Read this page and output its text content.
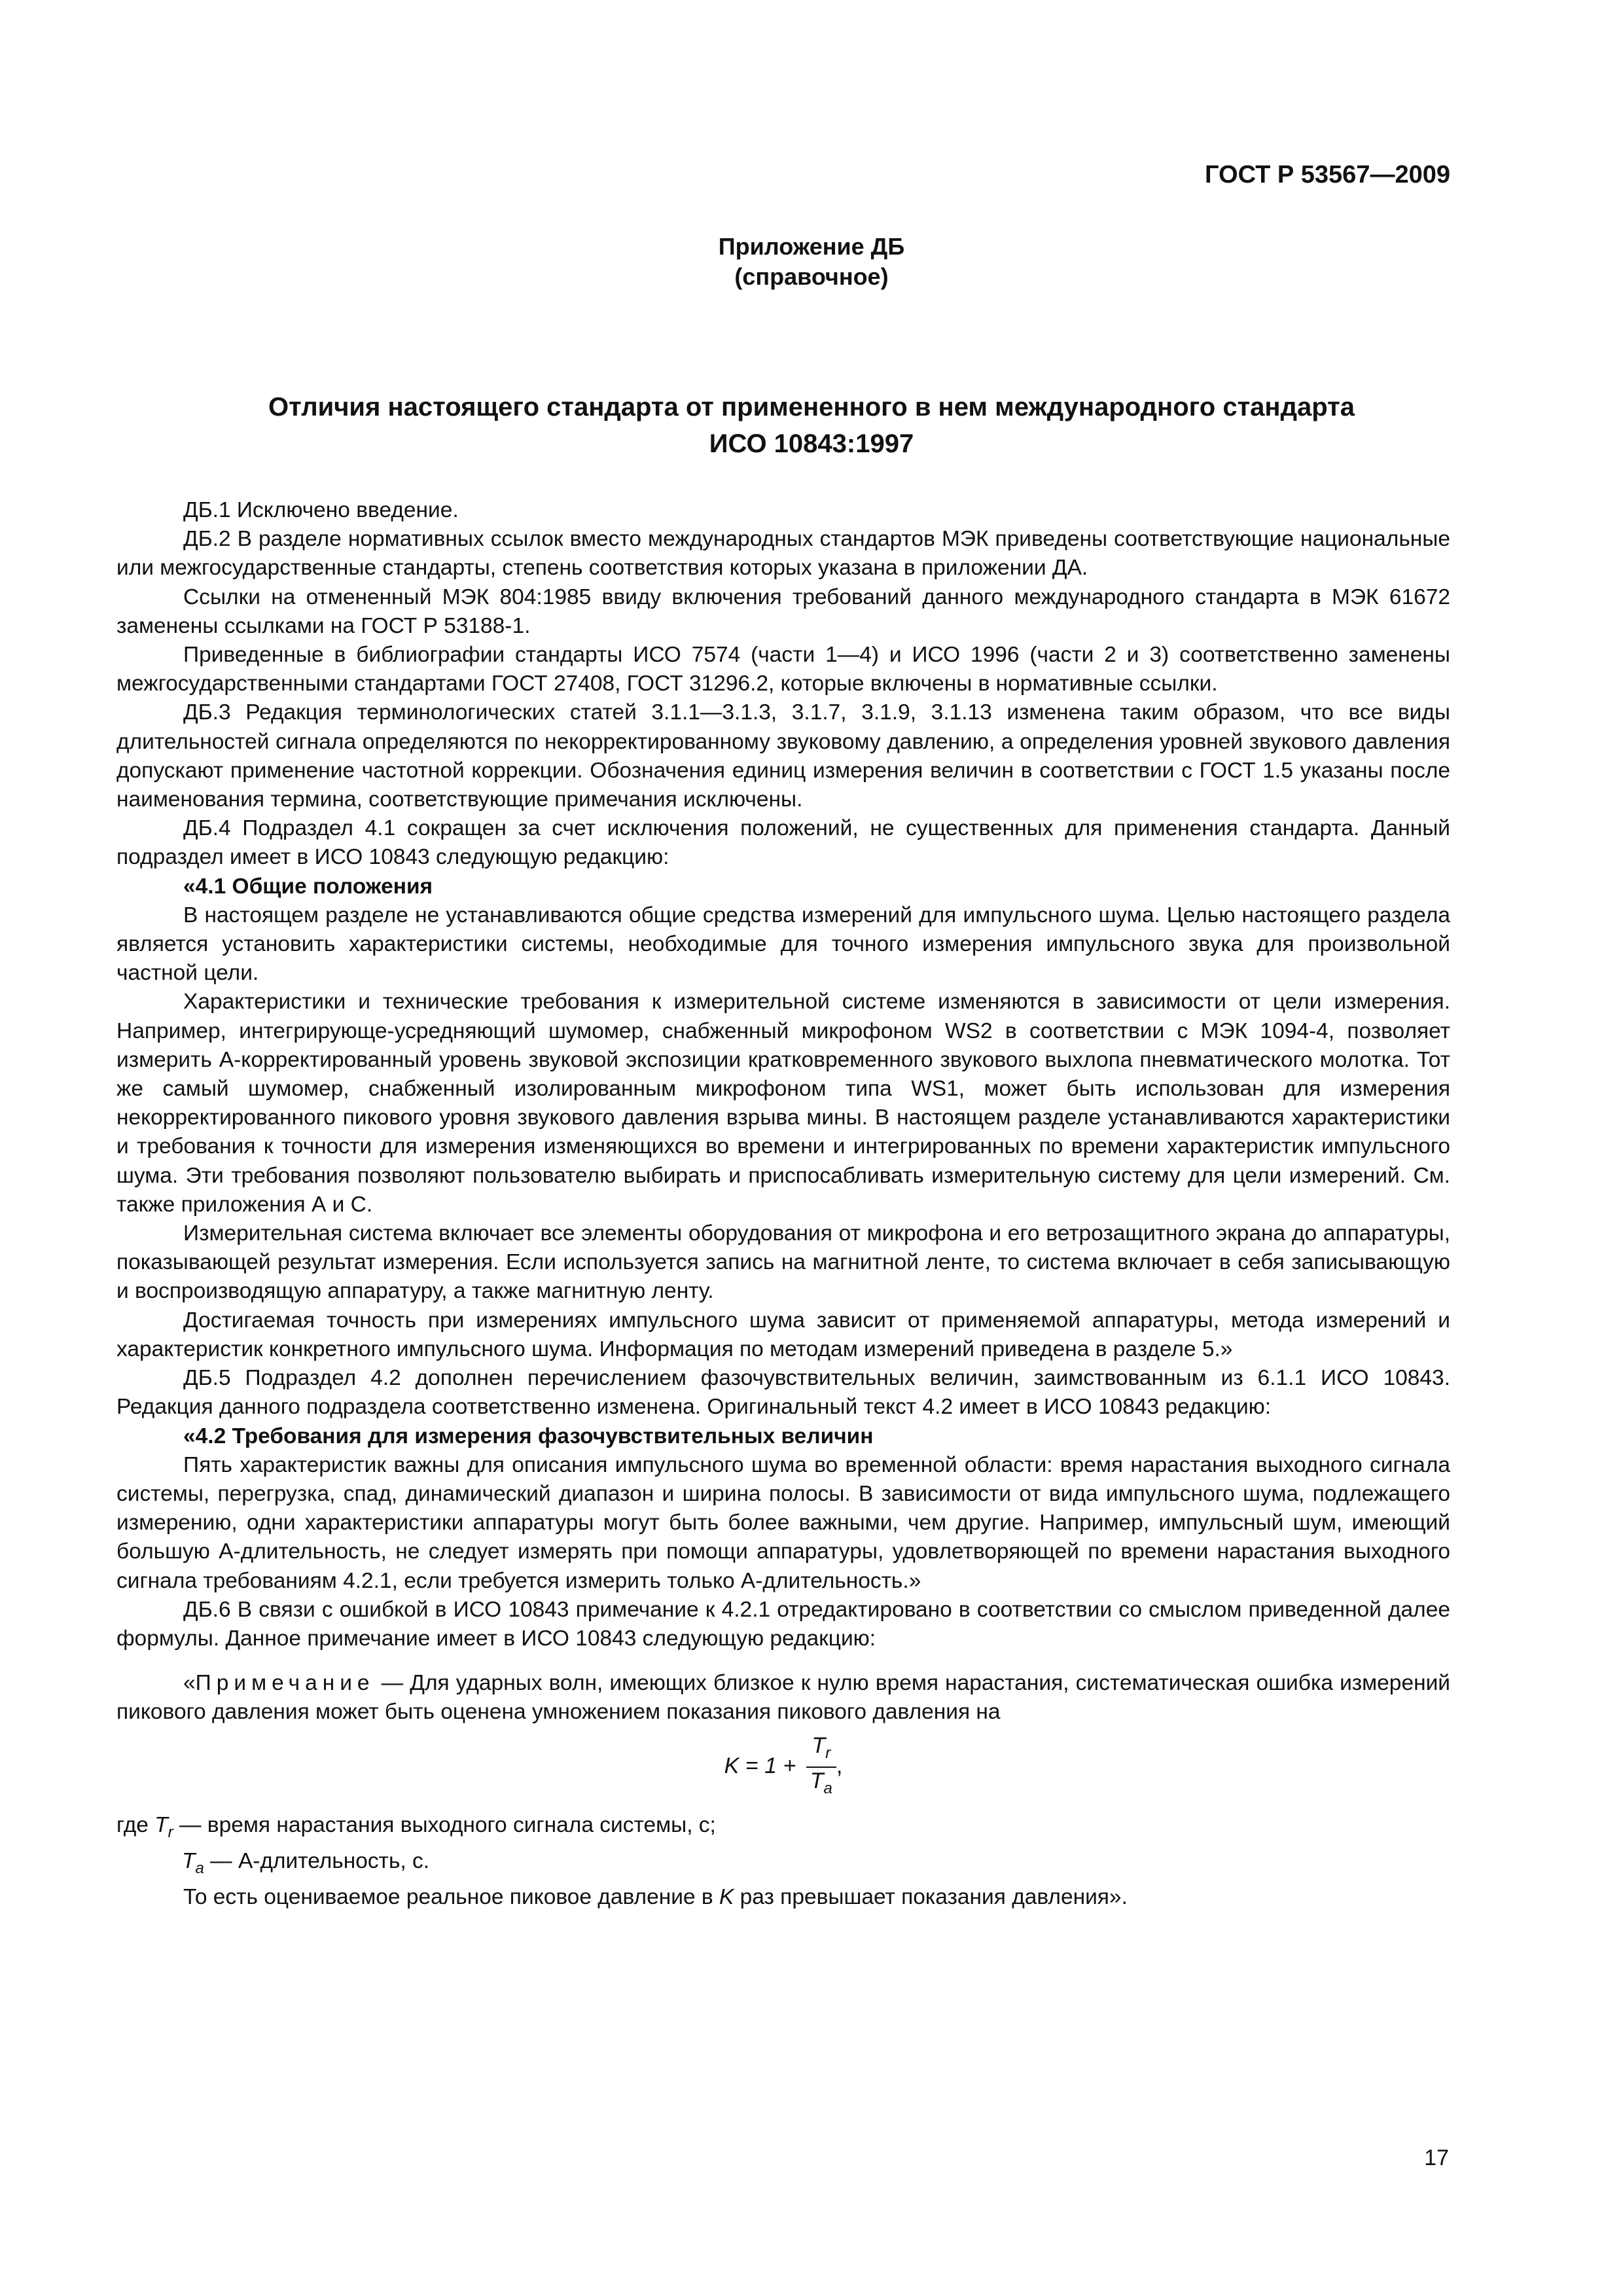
ГОСТ Р 53567—2009
Приложение ДБ
(справочное)
Отличия настоящего стандарта от примененного в нем международного стандарта
ИСО 10843:1997

ДБ.1 Исключено введение.

ДБ.2 В разделе нормативных ссылок вместо международных стандартов МЭК приведены соответствующие национальные или межгосударственные стандарты, степень соответствия которых указана в приложении ДА.

Ссылки на отмененный МЭК 804:1985 ввиду включения требований данного международного стандарта в МЭК 61672 заменены ссылками на ГОСТ Р 53188-1.

Приведенные в библиографии стандарты ИСО 7574 (части 1—4) и ИСО 1996 (части 2 и 3) соответственно заменены межгосударственными стандартами ГОСТ 27408, ГОСТ 31296.2, которые включены в нормативные ссылки.

ДБ.3 Редакция терминологических статей 3.1.1—3.1.3, 3.1.7, 3.1.9, 3.1.13 изменена таким образом, что все виды длительностей сигнала определяются по некорректированному звуковому давлению, а определения уровней звукового давления допускают применение частотной коррекции. Обозначения единиц измерения величин в соответствии с ГОСТ 1.5 указаны после наименования термина, соответствующие примечания исключены.

ДБ.4 Подраздел 4.1 сокращен за счет исключения положений, не существенных для применения стандарта. Данный подраздел имеет в ИСО 10843 следующую редакцию:

«4.1 Общие положения

В настоящем разделе не устанавливаются общие средства измерений для импульсного шума. Целью настоящего раздела является установить характеристики системы, необходимые для точного измерения импульсного звука для произвольной частной цели.

Характеристики и технические требования к измерительной системе изменяются в зависимости от цели измерения. Например, интегрирующе-усредняющий шумомер, снабженный микрофоном WS2 в соответствии с МЭК 1094-4, позволяет измерить А-корректированный уровень звуковой экспозиции кратковременного звукового выхлопа пневматического молотка. Тот же самый шумомер, снабженный изолированным микрофоном типа WS1, может быть использован для измерения некорректированного пикового уровня звукового давления взрыва мины. В настоящем разделе устанавливаются характеристики и требования к точности для измерения изменяющихся во времени и интегрированных по времени характеристик импульсного шума. Эти требования позволяют пользователю выбирать и приспосабливать измерительную систему для цели измерений. См. также приложения А и С.

Измерительная система включает все элементы оборудования от микрофона и его ветрозащитного экрана до аппаратуры, показывающей результат измерения. Если используется запись на магнитной ленте, то система включает в себя записывающую и воспроизводящую аппаратуру, а также магнитную ленту.

Достигаемая точность при измерениях импульсного шума зависит от применяемой аппаратуры, метода измерений и характеристик конкретного импульсного шума. Информация по методам измерений приведена в разделе 5.»

ДБ.5 Подраздел 4.2 дополнен перечислением фазочувствительных величин, заимствованным из 6.1.1 ИСО 10843. Редакция данного подраздела соответственно изменена. Оригинальный текст 4.2 имеет в ИСО 10843 редакцию:

«4.2 Требования для измерения фазочувствительных величин

Пять характеристик важны для описания импульсного шума во временной области: время нарастания выходного сигнала системы, перегрузка, спад, динамический диапазон и ширина полосы. В зависимости от вида импульсного шума, подлежащего измерению, одни характеристики аппаратуры могут быть более важными, чем другие. Например, импульсный шум, имеющий большую А-длительность, не следует измерять при помощи аппаратуры, удовлетворяющей по времени нарастания выходного сигнала требованиям 4.2.1, если требуется измерить только А-длительность.»

ДБ.6 В связи с ошибкой в ИСО 10843 примечание к 4.2.1 отредактировано в соответствии со смыслом приведенной далее формулы. Данное примечание имеет в ИСО 10843 следующую редакцию:

«Примечание — Для ударных волн, имеющих близкое к нулю время нарастания, систематическая ошибка измерений пикового давления может быть оценена умножением показания пикового давления на

$K = 1 + \frac{T_r}{T_a}$ ,

где $T_r$ — время нарастания выходного сигнала системы, с;

$T_a$ — А-длительность, с.

То есть оцениваемое реальное пиковое давление в K раз превышает показания давления».

17
